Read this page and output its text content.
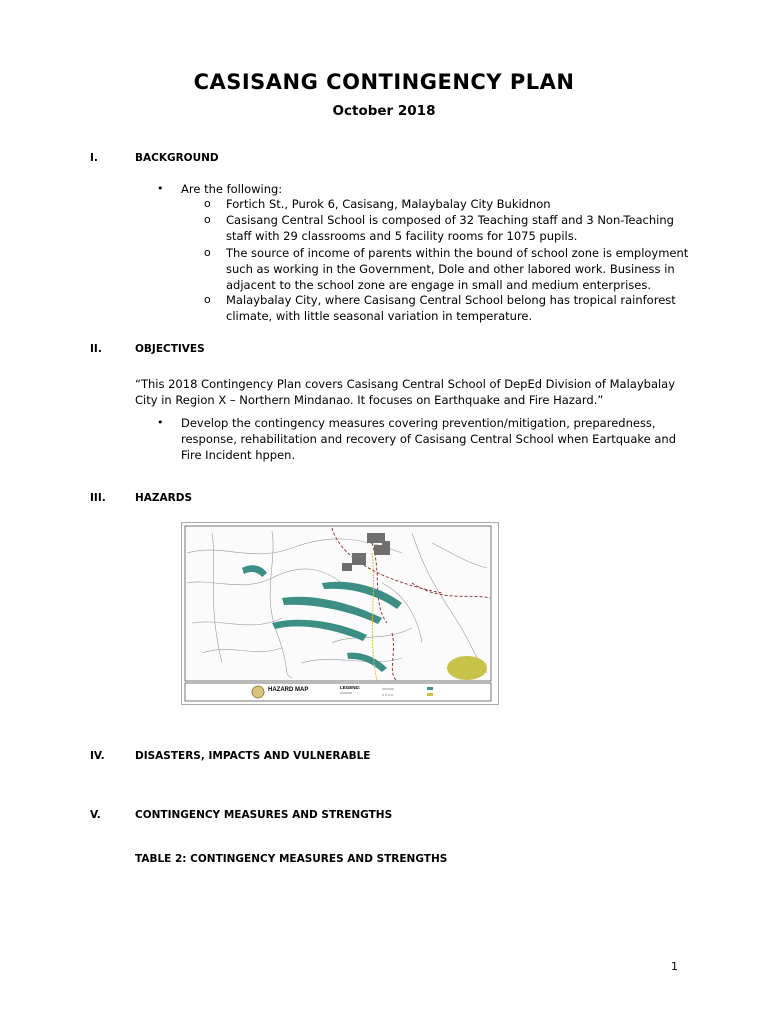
CASISANG CONTINGENCY PLAN
October 2018
I.	BACKGROUND
• Are the following:
o Fortich St., Purok 6, Casisang, Malaybalay City Bukidnon
o Casisang Central School is composed of 32 Teaching staff and 3 Non-Teaching
staff with 29 classrooms and 5 facility rooms for 1075 pupils.
o The source of income of parents within the bound of school zone is employment
such as working in the Government, Dole and other labored work. Business in
adjacent to the school zone are engage in small and medium enterprises.
o Malaybalay City, where Casisang Central School belong has tropical rainforest
climate, with little seasonal variation in temperature.
II.	OBJECTIVES
“This 2018 Contingency Plan covers Casisang Central School of DepEd Division of Malaybalay
City in Region X – Northern Mindanao. It focuses on Earthquake and Fire Hazard.”
• Develop the contingency measures covering prevention/mitigation, preparedness,
response, rehabilitation and recovery of Casisang Central School when Eartquake and
Fire Incident hppen.
III.	HAZARDS
HAZARD MAP	LEGEND:
IV.	DISASTERS, IMPACTS AND VULNERABLE
V.	CONTINGENCY MEASURES AND STRENGTHS
TABLE 2: CONTINGENCY MEASURES AND STRENGTHS
1
